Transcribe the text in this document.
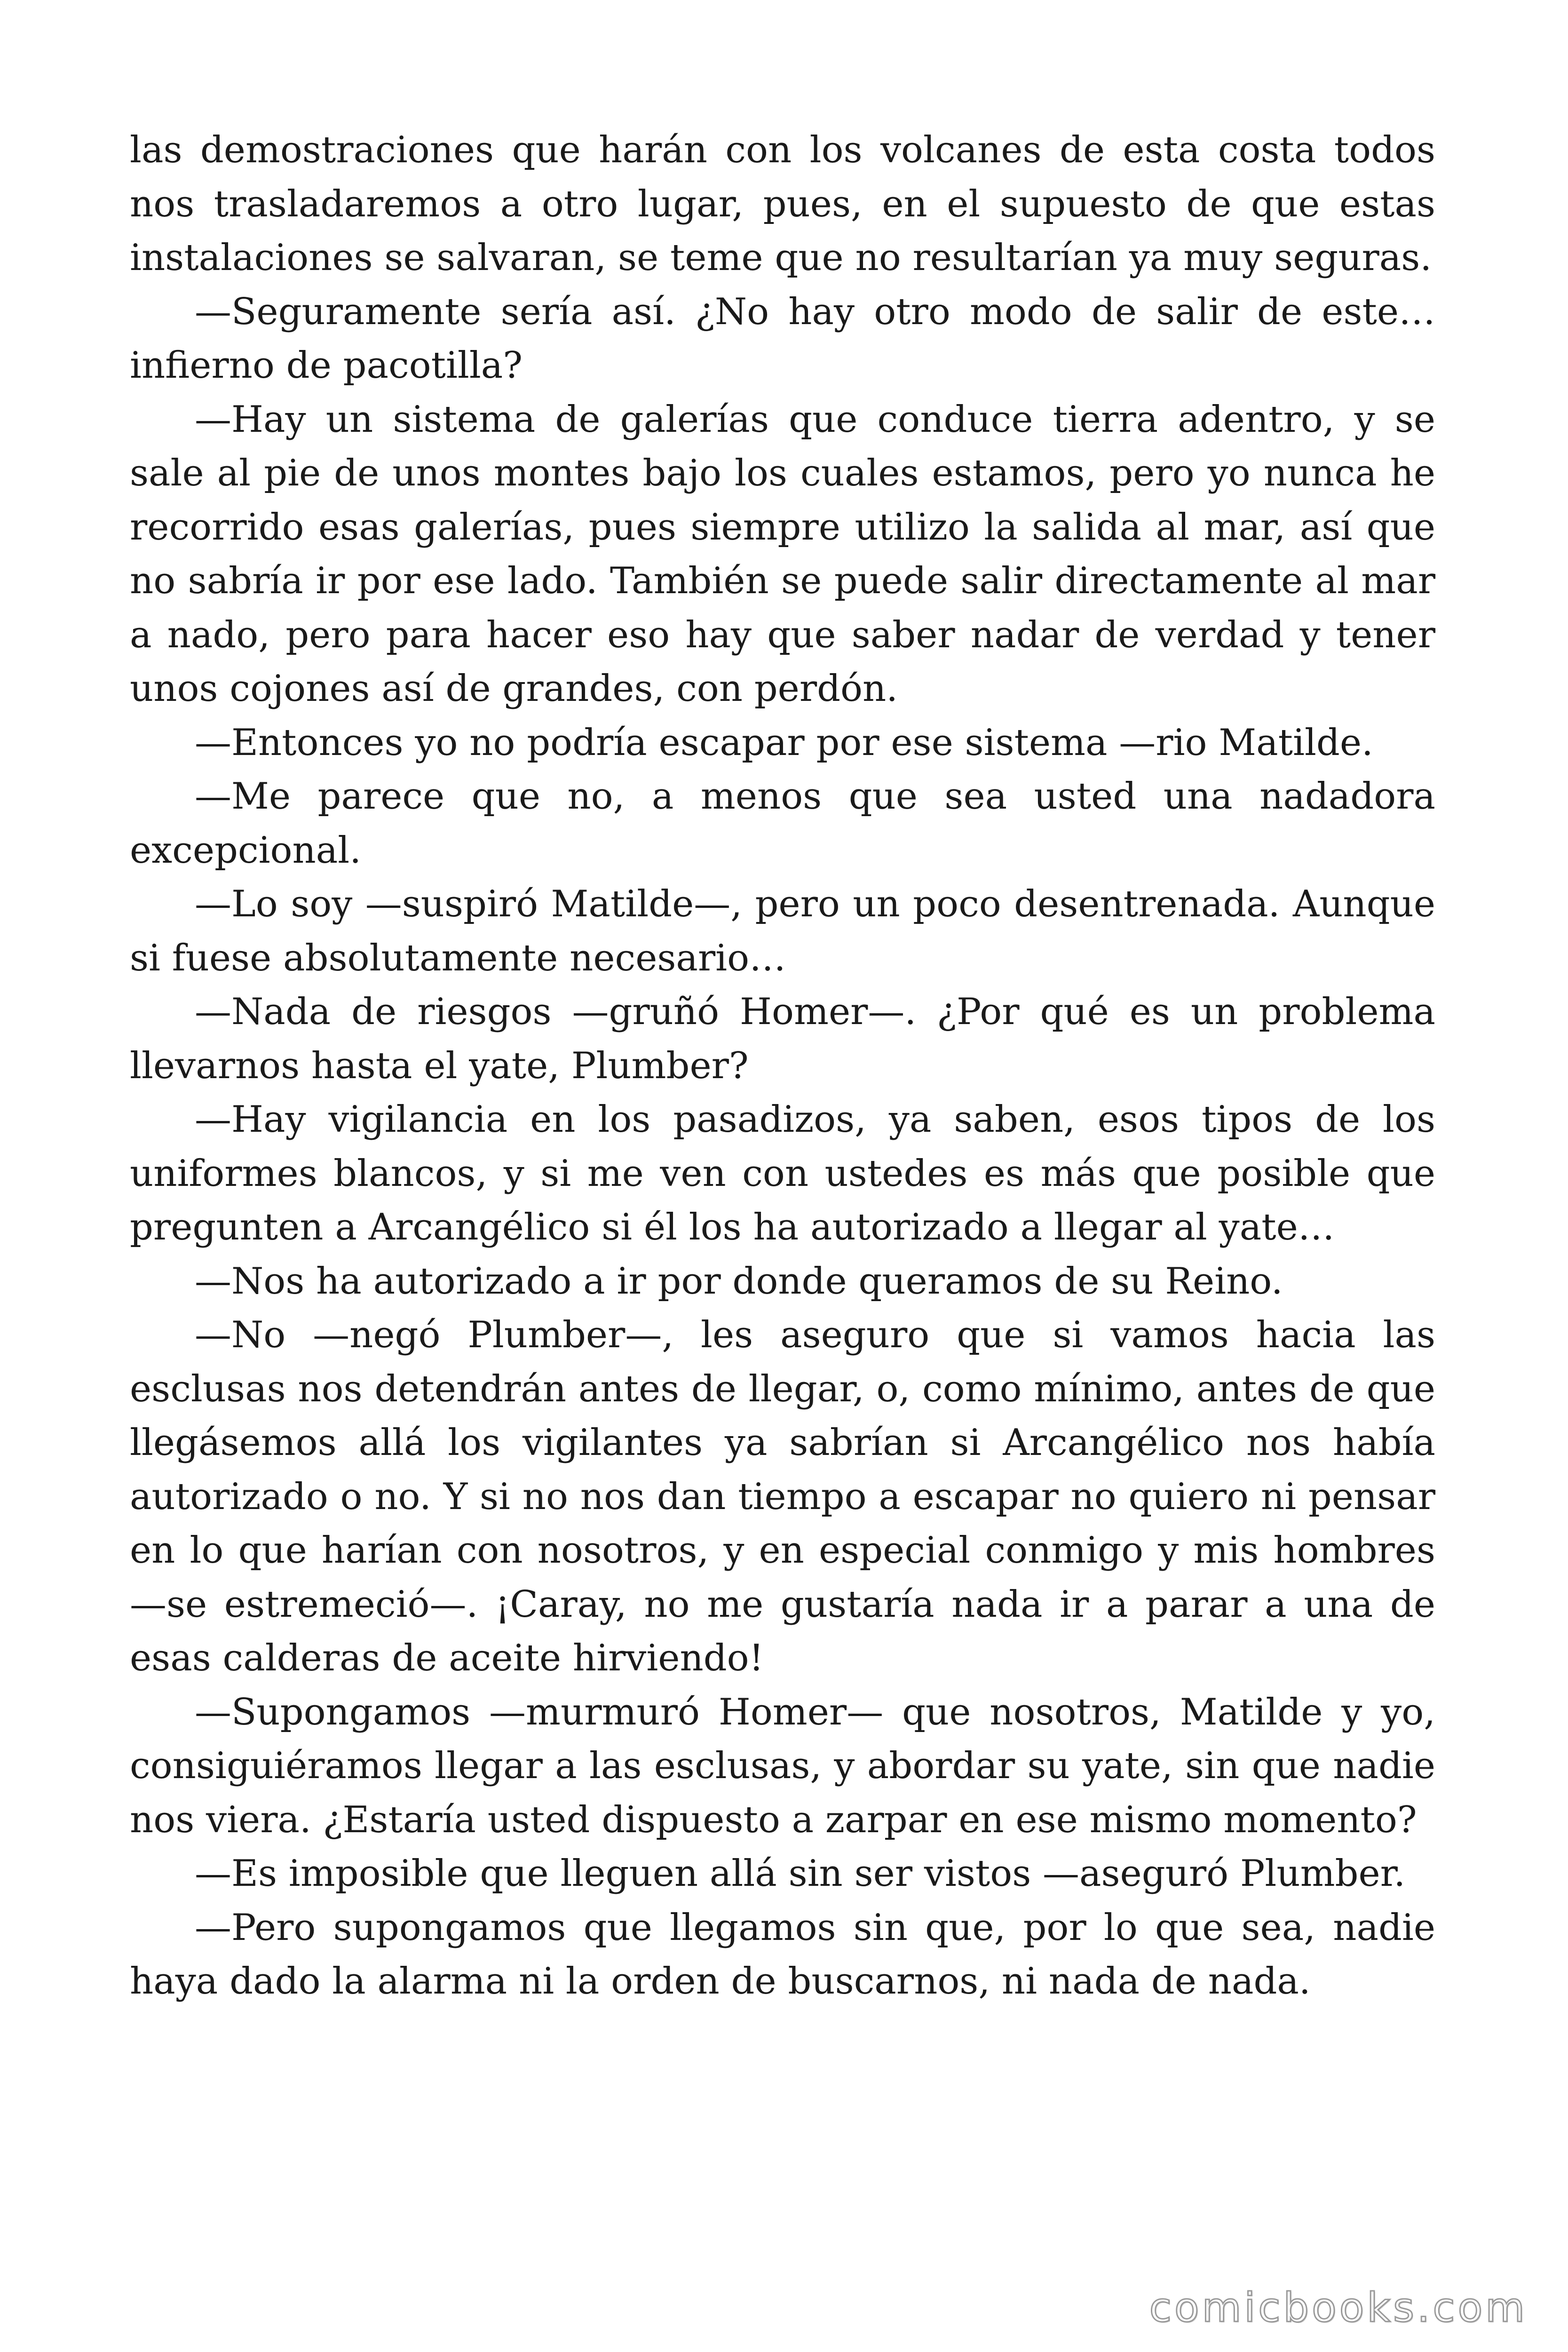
las demostraciones que harán con los volcanes de esta costa todos nos trasladaremos a otro lugar, pues, en el supuesto de que estas instalaciones se salvaran, se teme que no resultarían ya muy seguras.

—Seguramente sería así. ¿No hay otro modo de salir de este… infierno de pacotilla?

—Hay un sistema de galerías que conduce tierra adentro, y se sale al pie de unos montes bajo los cuales estamos, pero yo nunca he recorrido esas galerías, pues siempre utilizo la salida al mar, así que no sabría ir por ese lado. También se puede salir directamente al mar a nado, pero para hacer eso hay que saber nadar de verdad y tener unos cojones así de grandes, con perdón.

—Entonces yo no podría escapar por ese sistema —rio Matilde.

—Me parece que no, a menos que sea usted una nadadora excepcional.

—Lo soy —suspiró Matilde—, pero un poco desentrenada. Aunque si fuese absolutamente necesario…

—Nada de riesgos —gruñó Homer—. ¿Por qué es un problema llevarnos hasta el yate, Plumber?

—Hay vigilancia en los pasadizos, ya saben, esos tipos de los uniformes blancos, y si me ven con ustedes es más que posible que pregunten a Arcangélico si él los ha autorizado a llegar al yate…

—Nos ha autorizado a ir por donde queramos de su Reino.

—No —negó Plumber—, les aseguro que si vamos hacia las esclusas nos detendrán antes de llegar, o, como mínimo, antes de que llegásemos allá los vigilantes ya sabrían si Arcangélico nos había autorizado o no. Y si no nos dan tiempo a escapar no quiero ni pensar en lo que harían con nosotros, y en especial conmigo y mis hombres —se estremeció—. ¡Caray, no me gustaría nada ir a parar a una de esas calderas de aceite hirviendo!

—Supongamos —murmuró Homer— que nosotros, Matilde y yo, consiguiéramos llegar a las esclusas, y abordar su yate, sin que nadie nos viera. ¿Estaría usted dispuesto a zarpar en ese mismo momento?

—Es imposible que lleguen allá sin ser vistos —aseguró Plumber.

—Pero supongamos que llegamos sin que, por lo que sea, nadie haya dado la alarma ni la orden de buscarnos, ni nada de nada.

comicbooks.com
